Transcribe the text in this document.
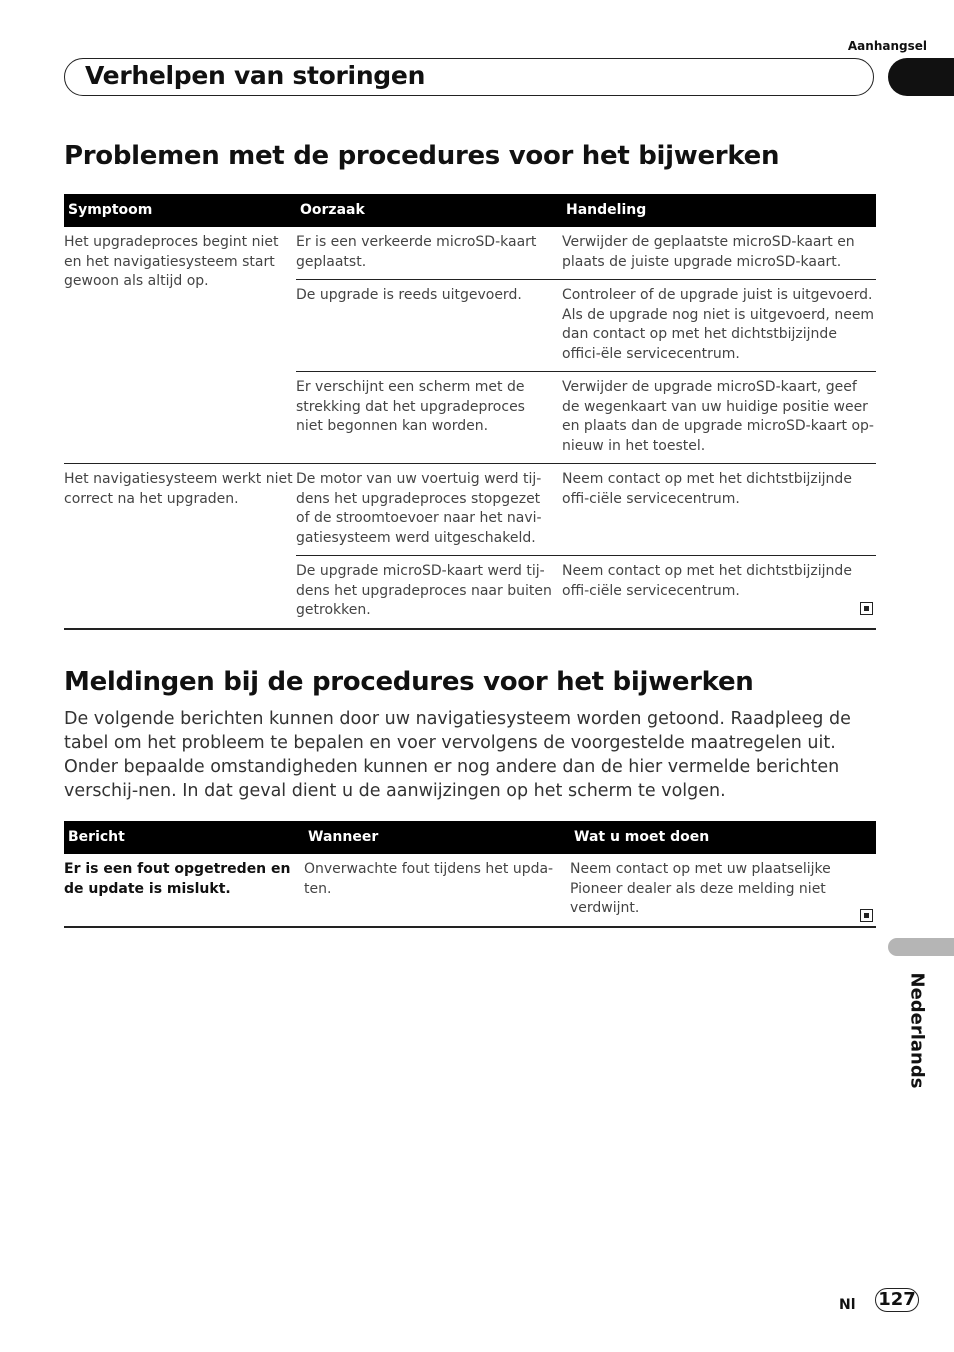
Aanhangsel
Verhelpen van storingen
Problemen met de procedures voor het bijwerken
Symptoom	Oorzaak	Handeling
Het upgradeproces begint niet en het navigatiesysteem start gewoon als altijd op.	Er is een verkeerde microSD-kaart geplaatst.	Verwijder de geplaatste microSD-kaart en plaats de juiste upgrade microSD-kaart.
	De upgrade is reeds uitgevoerd.	Controleer of de upgrade juist is uitgevoerd. Als de upgrade nog niet is uitgevoerd, neem dan contact op met het dichtstbijzijnde offici-ële servicecentrum.
	Er verschijnt een scherm met de strekking dat het upgradeproces niet begonnen kan worden.	Verwijder de upgrade microSD-kaart, geef de wegenkaart van uw huidige positie weer en plaats dan de upgrade microSD-kaart op-nieuw in het toestel.
Het navigatiesysteem werkt niet correct na het upgraden.	De motor van uw voertuig werd tij-dens het upgradeproces stopgezet of de stroomtoevoer naar het navi-gatiesysteem werd uitgeschakeld.	Neem contact op met het dichtstbijzijnde offi-ciële servicecentrum.
	De upgrade microSD-kaart werd tij-dens het upgradeproces naar buiten getrokken.	Neem contact op met het dichtstbijzijnde offi-ciële servicecentrum.
Meldingen bij de procedures voor het bijwerken

De volgende berichten kunnen door uw navigatiesysteem worden getoond. Raadpleeg de tabel om het probleem te bepalen en voer vervolgens de voorgestelde maatregelen uit.

Onder bepaalde omstandigheden kunnen er nog andere dan de hier vermelde berichten verschij-nen. In dat geval dient u de aanwijzingen op het scherm te volgen.

Bericht	Wanneer	Wat u moet doen
Er is een fout opgetreden en de update is mislukt.	Onverwachte fout tijdens het upda-ten.	Neem contact op met uw plaatselijke Pioneer dealer als deze melding niet verdwijnt.
Nederlands
Nl 127
